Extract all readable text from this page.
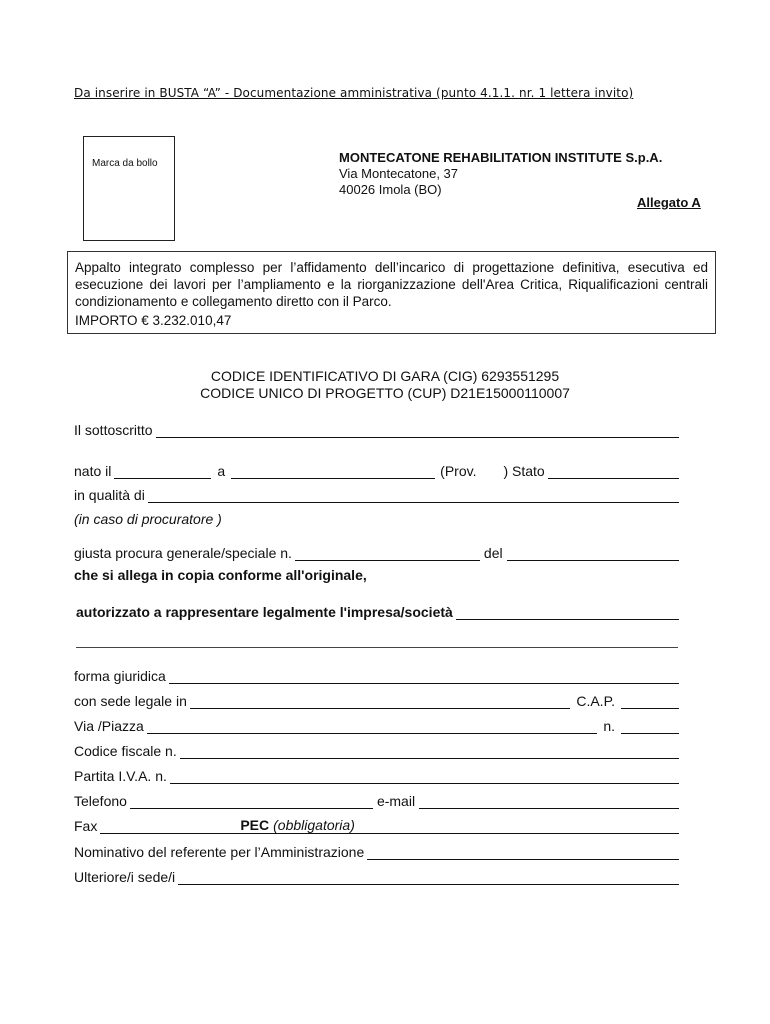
Da inserire in BUSTA “A” - Documentazione amministrativa (punto 4.1.1. nr. 1 lettera invito)
Marca da bollo	MONTECATONE REHABILITATION INSTITUTE S.p.A.
Via Montecatone, 37
40026 Imola (BO)
Allegato A
Appalto integrato complesso per l’affidamento dell’incarico di progettazione definitiva, esecutiva ed esecuzione dei lavori per l’ampliamento e la riorganizzazione dell'Area Critica, Riqualificazioni centrali condizionamento e collegamento diretto con il Parco.
IMPORTO € 3.232.010,47
CODICE IDENTIFICATIVO DI GARA (CIG) 6293551295
CODICE UNICO DI PROGETTO (CUP) D21E15000110007
Il sottoscritto
nato il	a	(Prov. ) Stato
in qualità di
(in caso di procuratore )
giusta procura generale/speciale n.	del
che si allega in copia conforme all'originale,
autorizzato a rappresentare legalmente l'impresa/società
forma giuridica
con sede legale in	C.A.P.
Via /Piazza	n.
Codice fiscale n.
Partita I.V.A. n.
Telefono	e-mail
Fax	PEC (obbligatoria)
Nominativo del referente per l’Amministrazione
Ulteriore/i sede/i
